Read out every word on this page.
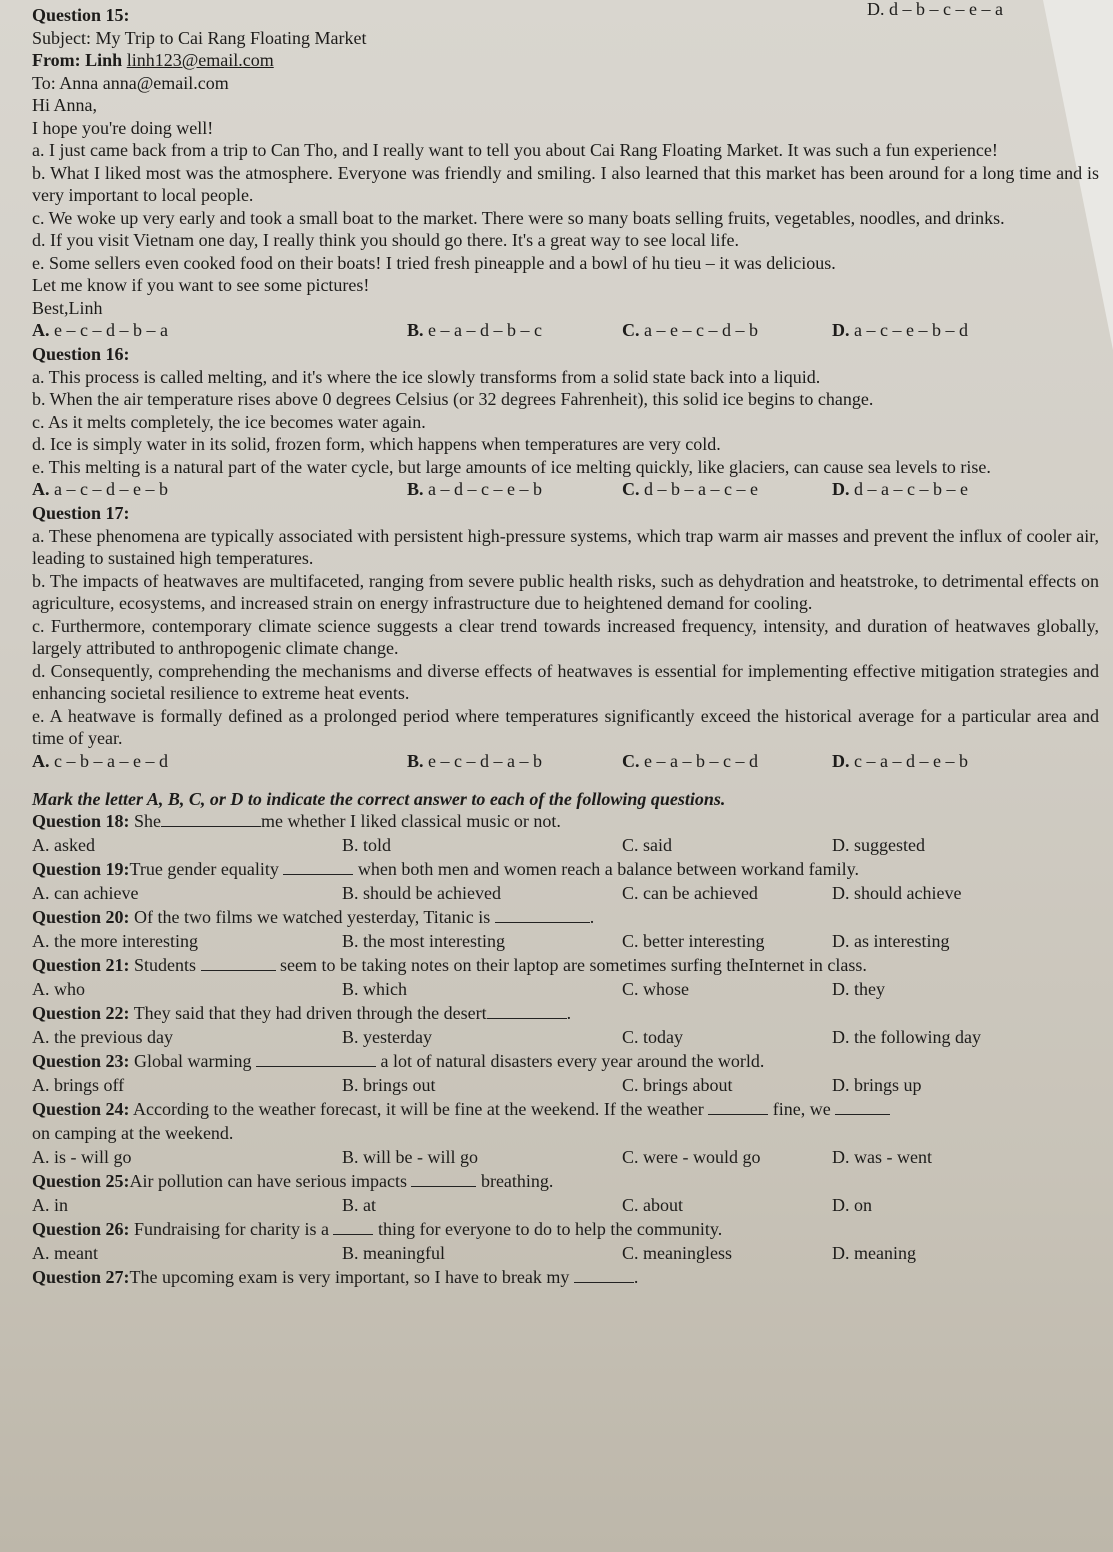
Question 15:	D. d – b – c – e – a
Subject: My Trip to Cai Rang Floating Market
From: Linh linh123@email.com
To: Anna anna@email.com
Hi Anna,
I hope you're doing well!
a. I just came back from a trip to Can Tho, and I really want to tell you about Cai Rang Floating Market. It was such a fun experience!
b. What I liked most was the atmosphere. Everyone was friendly and smiling. I also learned that this market has been around for a long time and is very important to local people.
c. We woke up very early and took a small boat to the market. There were so many boats selling fruits, vegetables, noodles, and drinks.
d. If you visit Vietnam one day, I really think you should go there. It's a great way to see local life.
e. Some sellers even cooked food on their boats! I tried fresh pineapple and a bowl of hu tieu – it was delicious.
Let me know if you want to see some pictures!
Best,Linh
A. e – c – d – b – a	B. e – a – d – b – c	C. a – e – c – d – b	D. a – c – e – b – d
Question 16:
a. This process is called melting, and it's where the ice slowly transforms from a solid state back into a liquid.
b. When the air temperature rises above 0 degrees Celsius (or 32 degrees Fahrenheit), this solid ice begins to change.
c. As it melts completely, the ice becomes water again.
d. Ice is simply water in its solid, frozen form, which happens when temperatures are very cold.
e. This melting is a natural part of the water cycle, but large amounts of ice melting quickly, like glaciers, can cause sea levels to rise.
A. a – c – d – e – b	B. a – d – c – e – b	C. d – b – a – c – e	D. d – a – c – b – e
Question 17:
a. These phenomena are typically associated with persistent high-pressure systems, which trap warm air masses and prevent the influx of cooler air, leading to sustained high temperatures.
b. The impacts of heatwaves are multifaceted, ranging from severe public health risks, such as dehydration and heatstroke, to detrimental effects on agriculture, ecosystems, and increased strain on energy infrastructure due to heightened demand for cooling.
c. Furthermore, contemporary climate science suggests a clear trend towards increased frequency, intensity, and duration of heatwaves globally, largely attributed to anthropogenic climate change.
d. Consequently, comprehending the mechanisms and diverse effects of heatwaves is essential for implementing effective mitigation strategies and enhancing societal resilience to extreme heat events.
e. A heatwave is formally defined as a prolonged period where temperatures significantly exceed the historical average for a particular area and time of year.
A. c – b – a – e – d	B. e – c – d – a – b	C. e – a – b – c – d	D. c – a – d – e – b
Mark the letter A, B, C, or D to indicate the correct answer to each of the following questions.
Question 18: She	me whether I liked classical music or not.
A. asked	B. told	C. said	D. suggested
Question 19:True gender equality	when both men and women reach a balance between workand family.
A. can achieve	B. should be achieved	C. can be achieved	D. should achieve
Question 20: Of the two films we watched yesterday, Titanic is	.
A. the more interesting	B. the most interesting	C. better interesting	D. as interesting
Question 21: Students	seem to be taking notes on their laptop are sometimes surfing theInternet in class.
A. who	B. which	C. whose	D. they
Question 22: They said that they had driven through the desert	.
A. the previous day	B. yesterday	C. today	D. the following day
Question 23: Global warming	a lot of natural disasters every year around the world.
A. brings off	B. brings out	C. brings about	D. brings up
Question 24: According to the weather forecast, it will be fine at the weekend. If the weather	fine, we
on camping at the weekend.
A. is - will go	B. will be - will go	C. were - would go	D. was - went
Question 25:Air pollution can have serious impacts	breathing.
A. in	B. at	C. about	D. on
Question 26: Fundraising for charity is a  thing for everyone to do to help the community.
A. meant	B. meaningful	C. meaningless	D. meaning
Question 27:The upcoming exam is very important, so I have to break my	.
